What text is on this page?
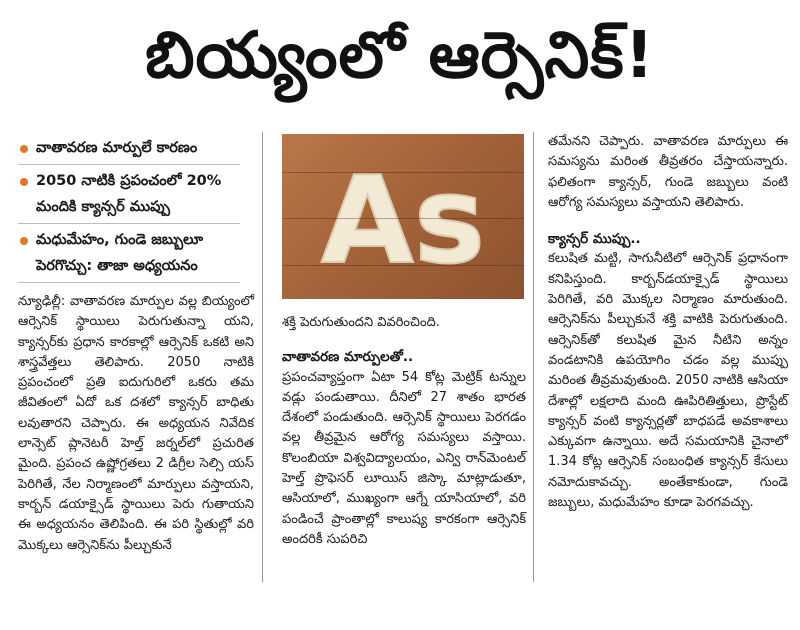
బియ్యంలో ఆర్సెనిక్!
వాతావరణ మార్పులే కారణం
2050 నాటికి ప్రపంచంలో 20% మందికి క్యాన్సర్ ముప్పు
మధుమేహం, గుండె జబ్బులూ పెరగొచ్చు: తాజా అధ్యయనం

న్యూఢిల్లీ: వాతావరణ మార్పుల వల్ల బియ్యంలో ఆర్సెనిక్ స్థాయిలు పెరుగుతున్నా యని, క్యాన్సర్‌కు ప్రధాన కారకాల్లో ఆర్సెనిక్ ఒకటి అని శాస్త్రవేత్తలు తెలిపారు. 2050 నాటికి ప్రపంచంలో ప్రతి ఐదుగురిలో ఒకరు తమ జీవితంలో ఏదో ఒక దశలో క్యాన్సర్ బాధితు లవుతారని చెప్పారు. ఈ అధ్యయన నివేదిక లాన్సెట్ ప్లానెటరీ హెల్త్ జర్నల్‌లో ప్రచురిత మైంది. ప్రపంచ ఉష్ణోగ్రతలు 2 డిగ్రీల సెల్సి యస్ పెరిగితే, నేల నిర్మాణంలో మార్పులు వస్తాయని, కార్బన్ డయాక్సైడ్ స్థాయిలు పెరు గుతాయని ఈ అధ్యయనం తెలిపింది. ఈ పరి స్థితుల్లో వరి మొక్కలు ఆర్సెనిక్‌ను పీల్చుకునే

As

శక్తి పెరుగుతుందని వివరించింది.

వాతావరణ మార్పులతో..

ప్రపంచవ్యాప్తంగా ఏటా 54 కోట్ల మెట్రిక్ టన్నుల వడ్లు పండుతాయి. దీనిలో 27 శాతం భారత దేశంలో పండుతుంది. ఆర్సెనిక్ స్థాయిలు పెరగడం వల్ల తీవ్రమైన ఆరోగ్య సమస్యలు వస్తాయి. కొలంబియా విశ్వవిద్యాలయం, ఎన్వి రాన్‌మెంటల్ హెల్త్ ప్రొఫెసర్ లూయిస్ జిస్కా మాట్లాడుతూ, ఆసియాలో, ముఖ్యంగా ఆగ్నే యాసియాలో, వరి పండించే ప్రాంతాల్లో కాలుష్య కారకంగా ఆర్సెనిక్ అందరికీ సుపరిచి

తమేనని చెప్పారు. వాతావరణ మార్పులు ఈ సమస్యను మరింత తీవ్రతరం చేస్తాయన్నారు. ఫలితంగా క్యాన్సర్, గుండె జబ్బులు వంటి ఆరోగ్య సమస్యలు వస్తాయని తెలిపారు.

క్యాన్సర్ ముప్పు..

కలుషిత మట్టి, సాగునీటిలో ఆర్సెనిక్ ప్రధానంగా కనిపిస్తుంది. కార్బన్‌డయాక్సైడ్ స్థాయిలు పెరిగితే, వరి మొక్కల నిర్మాణం మారుతుంది. ఆర్సెనిక్‌ను పీల్చుకునే శక్తి వాటికి పెరుగుతుంది. ఆర్సెనిక్‌తో కలుషిత మైన నీటిని అన్నం వండటానికి ఉపయోగిం చడం వల్ల ముప్పు మరింత తీవ్రమవుతుంది. 2050 నాటికి ఆసియా దేశాల్లో లక్షలాది మంది ఊపిరితిత్తులు, ప్రొస్టేట్ క్యాన్సర్ వంటి క్యాన్సర్లతో బాధపడే అవకాశాలు ఎక్కువగా ఉన్నాయి. అదే సమయానికి చైనాలో 1.34 కోట్ల ఆర్సెనిక్ సంబంధిత క్యాన్సర్ కేసులు నమోదుకావచ్చు. అంతేకాకుండా, గుండె జబ్బులు, మధుమేహం కూడా పెరగవచ్చు.
